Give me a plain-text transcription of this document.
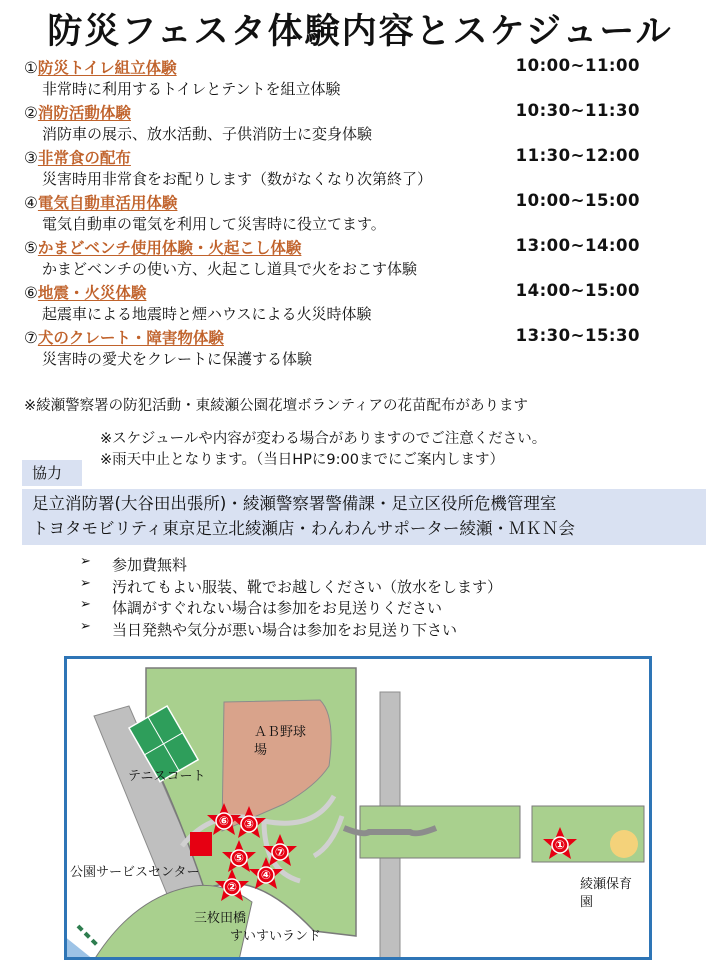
防災フェスタ体験内容とスケジュール
①防災トイレ組立体験	10:00~11:00
非常時に利用するトイレとテントを組立体験
②消防活動体験	10:30~11:30
消防車の展示、放水活動、子供消防士に変身体験
③非常食の配布	11:30~12:00
災害時用非常食をお配りします（数がなくなり次第終了）
④電気自動車活用体験	10:00~15:00
電気自動車の電気を利用して災害時に役立てます。
⑤かまどベンチ使用体験・火起こし体験	13:00~14:00
かまどベンチの使い方、火起こし道具で火をおこす体験
⑥地震・火災体験	14:00~15:00
起震車による地震時と煙ハウスによる火災時体験
⑦犬のクレート・障害物体験	13:30~15:30
災害時の愛犬をクレートに保護する体験
※綾瀬警察署の防犯活動・東綾瀬公園花壇ボランティアの花苗配布があります
※スケジュールや内容が変わる場合がありますのでご注意ください。
※雨天中止となります。（当日HPに9:00までにご案内します）
協力
足立消防署(大谷田出張所)・綾瀬警察署警備課・足立区役所危機管理室
トヨタモビリティ東京足立北綾瀬店・わんわんサポーター綾瀬・ＭＫＮ会
➢ 参加費無料
➢ 汚れてもよい服装、靴でお越しください（放水をします）
➢ 体調がすぐれない場合は参加をお見送りください
➢ 当日発熱や気分が悪い場合は参加をお見送り下さい
⑥ ③
⑦
⑤
④
②
①
ＡＢ野球
場
テニスコート
公園サービスセンター
三枚田橋
すいすいランド
綾瀬保育
園
